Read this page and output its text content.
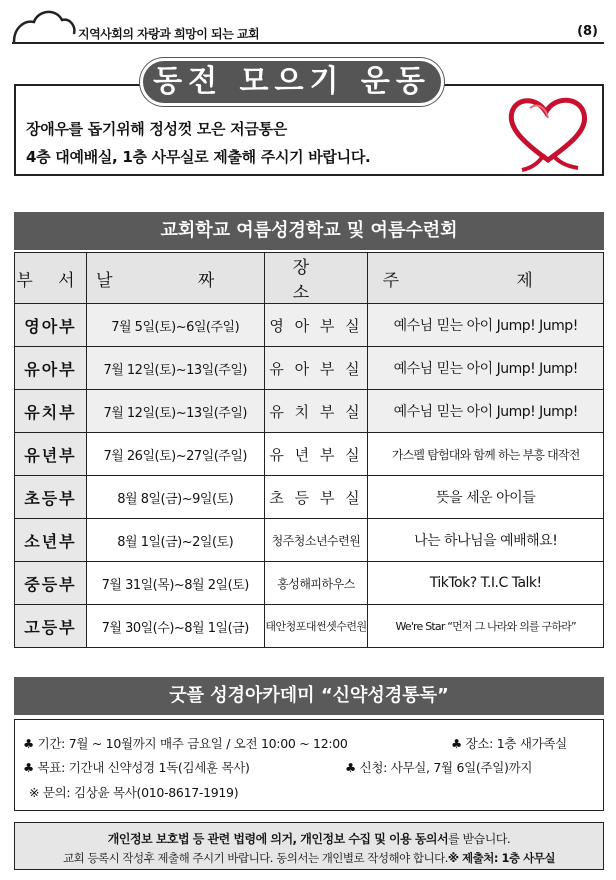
지역사회의 자랑과 희망이 되는 교회	(8)
장애우를 돕기위해 정성껏 모은 저금통은
4층 대예배실, 1층 사무실로 제출해 주시기 바랍니다.
동전 모으기 운동
교회학교 여름성경학교 및 여름수련회
부 서	날 짜	장 소	주 제
영아부	7월 5일(토)~6일(주일)	영 아 부 실	예수님 믿는 아이 Jump! Jump!
유아부	7월 12일(토)~13일(주일)	유 아 부 실	예수님 믿는 아이 Jump! Jump!
유치부	7월 12일(토)~13일(주일)	유 치 부 실	예수님 믿는 아이 Jump! Jump!
유년부	7월 26일(토)~27일(주일)	유 년 부 실	가스펠 탐험대와 함께 하는 부흥 대작전
초등부	8월 8일(금)~9일(토)	초 등 부 실	뜻을 세운 아이들
소년부	8월 1일(금)~2일(토)	청주청소년수련원	나는 하나님을 예배해요!
중등부	7월 31일(목)~8월 2일(토)	홍성해피하우스	TikTok? T.I.C Talk!
고등부	7월 30일(수)~8월 1일(금)	태안청포대썬셋수련원	We're Star “먼저 그 나라와 의를 구하라”
굿플 성경아카데미 “신약성경통독”
♣ 기간: 7월 ~ 10월까지 매주 금요일 / 오전 10:00 ~ 12:00	♣ 장소: 1층 새가족실
♣ 목표: 기간내 신약성경 1독(김세훈 목사)	♣ 신청: 사무실, 7월 6일(주일)까지
※ 문의: 김상윤 목사(010-8617-1919)
개인정보 보호법 등 관련 법령에 의거, 개인정보 수집 및 이용 동의서를 받습니다.
교회 등록시 작성후 제출해 주시기 바랍니다. 동의서는 개인별로 작성해야 합니다.※ 제출처: 1층 사무실
